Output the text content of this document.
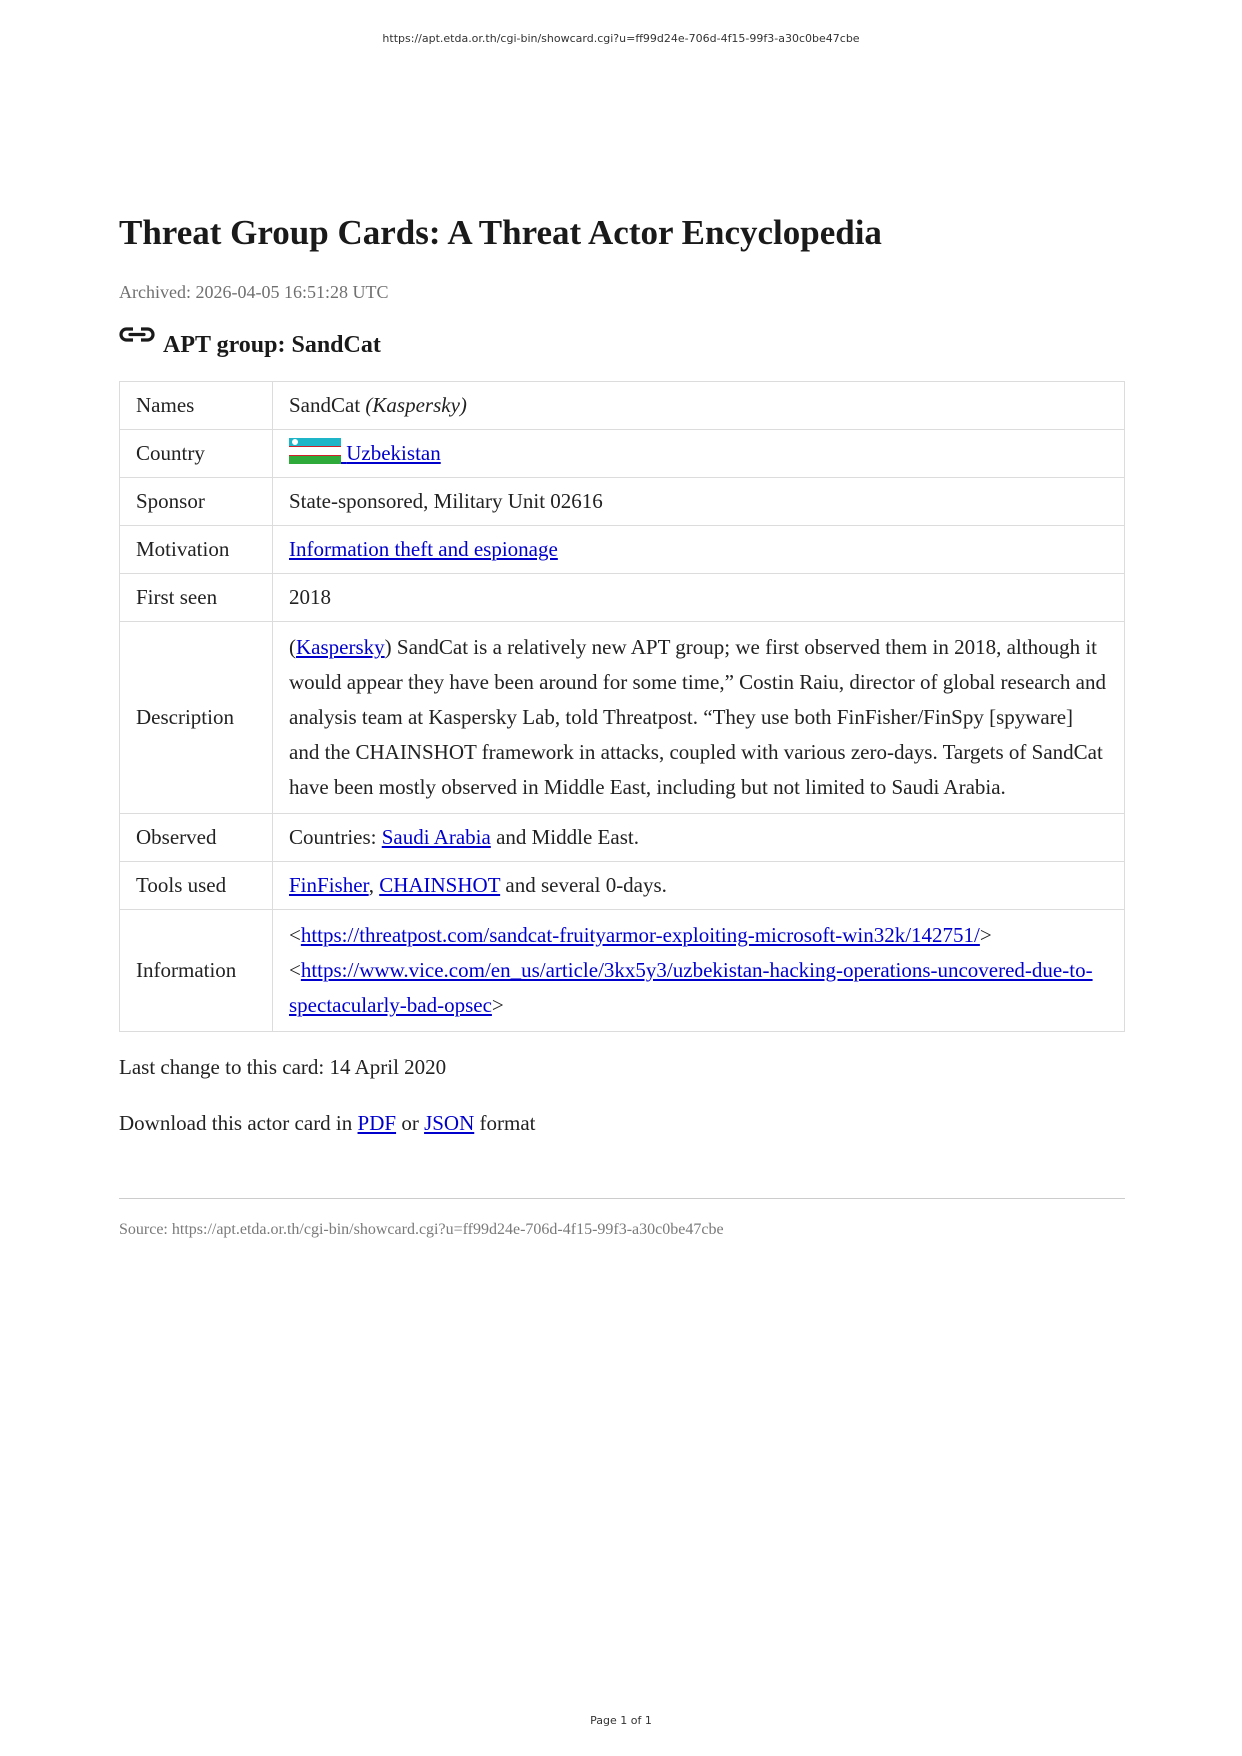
https://apt.etda.or.th/cgi-bin/showcard.cgi?u=ff99d24e-706d-4f15-99f3-a30c0be47cbe
Threat Group Cards: A Threat Actor Encyclopedia
Archived: 2026-04-05 16:51:28 UTC
APT group: SandCat
Names	SandCat (Kaspersky)
Country	Uzbekistan
Sponsor	State-sponsored, Military Unit 02616
Motivation	Information theft and espionage
First seen	2018
Description	(Kaspersky) SandCat is a relatively new APT group; we first observed them in 2018, although it would appear they have been around for some time,” Costin Raiu, director of global research and analysis team at Kaspersky Lab, told Threatpost. “They use both FinFisher/FinSpy [spyware] and the CHAINSHOT framework in attacks, coupled with various zero-days. Targets of SandCat have been mostly observed in Middle East, including but not limited to Saudi Arabia.
Observed	Countries: Saudi Arabia and Middle East.
Tools used	FinFisher, CHAINSHOT and several 0-days.
Information	<https://threatpost.com/sandcat-fruityarmor-exploiting-microsoft-win32k/142751/>
<https://www.vice.com/en_us/article/3kx5y3/uzbekistan-hacking-operations-uncovered-due-to-spectacularly-bad-opsec>

Last change to this card: 14 April 2020

Download this actor card in PDF or JSON format

Source: https://apt.etda.or.th/cgi-bin/showcard.cgi?u=ff99d24e-706d-4f15-99f3-a30c0be47cbe
Page 1 of 1
